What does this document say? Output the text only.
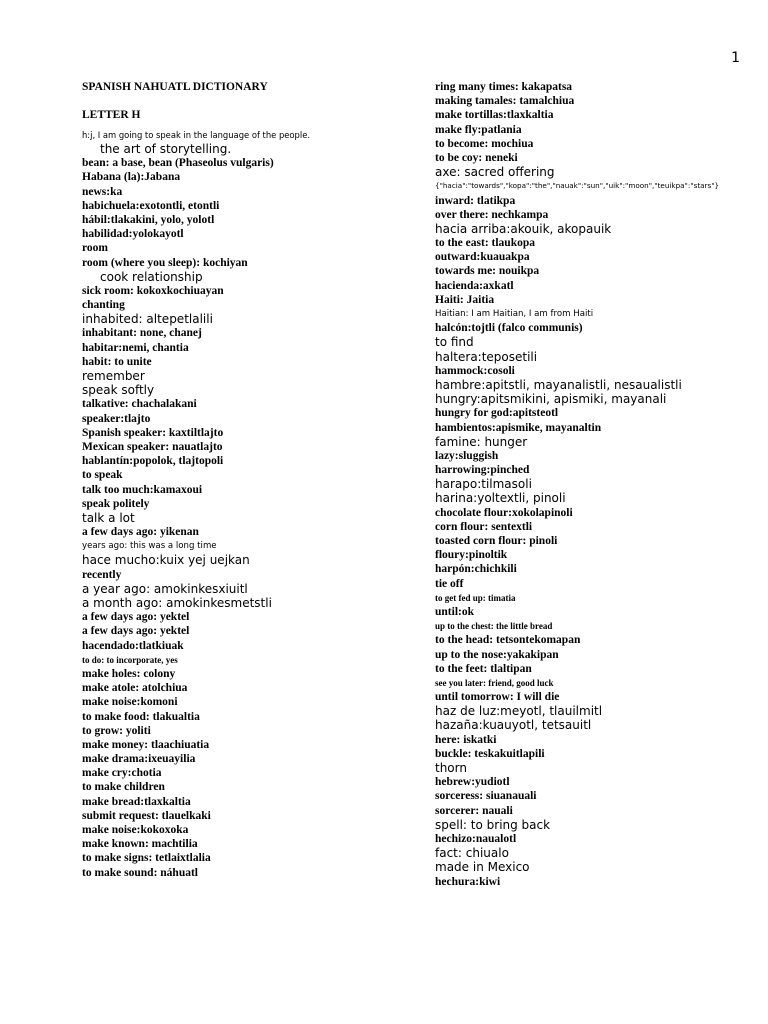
1
SPANISH NAHUATL DICTIONARY
LETTER H
h:j, I am going to speak in the language of the people.
the art of storytelling.
bean: a base, bean (Phaseolus vulgaris)
Habana (la):Jabana
news:ka
habichuela:exotontli, etontli
hábil:tlakakini, yolo, yolotl
habilidad:yolokayotl
room
room (where you sleep): kochiyan
cook relationship
sick room: kokoxkochiuayan
chanting
inhabited: altepetlalili
inhabitant: none, chanej
habitar:nemi, chantia
habit: to unite
remember
speak softly
talkative: chachalakani
speaker:tlajto
Spanish speaker: kaxtiltlajto
Mexican speaker: nauatlajto
hablantín:popolok, tlajtopoli
to speak
talk too much:kamaxoui
speak politely
talk a lot
a few days ago: yikenan
years ago: this was a long time
hace mucho:kuix yej uejkan
recently
a year ago: amokinkesxiuitl
a month ago: amokinkesmetstli
a few days ago: yektel
a few days ago: yektel
hacendado:tlatkiuak
to do: to incorporate, yes
make holes: colony
make atole: atolchiua
make noise:komoni
to make food: tlakualtia
to grow: yoliti
make money: tlaachiuatia
make drama:ixeuayilia
make cry:chotia
to make children
make bread:tlaxkaltia
submit request: tlauelkaki
make noise:kokoxoka
make known: machtilia
to make signs: tetlaixtlalia
to make sound: náhuatl
ring many times: kakapatsa
making tamales: tamalchiua
make tortillas:tlaxkaltia
make fly:patlania
to become: mochiua
to be coy: neneki
axe: sacred offering
{"hacia":"towards","kopa":"the","nauak":"sun","uik":"moon","teuikpa":"stars"}
inward: tlatikpa
over there: nechkampa
hacia arriba:akouik, akopauik
to the east: tlaukopa
outward:kuauakpa
towards me: nouikpa
hacienda:axkatl
Haiti: Jaitia
Haitian: I am Haitian, I am from Haiti
halcón:tojtli (falco communis)
to find
haltera:teposetili
hammock:cosoli
hambre:apitstli, mayanalistli, nesaualistli
hungry:apitsmikini, apismiki, mayanali
hungry for god:apitsteotl
hambientos:apismike, mayanaltin
famine: hunger
lazy:sluggish
harrowing:pinched
harapo:tilmasoli
harina:yoltextli, pinoli
chocolate flour:xokolapinoli
corn flour: sentextli
toasted corn flour: pinoli
floury:pinoltik
harpón:chichkili
tie off
to get fed up: timatia
until:ok
up to the chest: the little bread
to the head: tetsontekomapan
up to the nose:yakakipan
to the feet: tlaltipan
see you later: friend, good luck
until tomorrow: I will die
haz de luz:meyotl, tlauilmitl
hazaña:kuauyotl, tetsauitl
here: iskatki
buckle: teskakuitlapili
thorn
hebrew:yudiotl
sorceress: siuanauali
sorcerer: nauali
spell: to bring back
hechizo:naualotl
fact: chiualo
made in Mexico
hechura:kiwi
